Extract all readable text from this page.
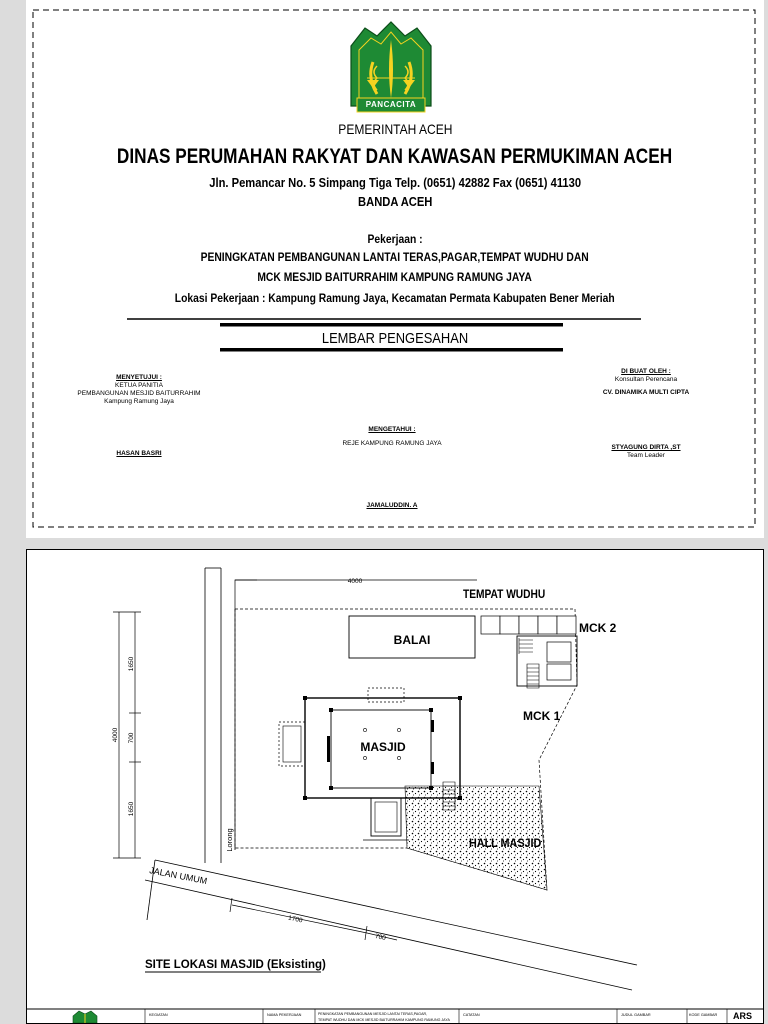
PANCACITA
PEMERINTAH ACEH
DINAS PERUMAHAN RAKYAT DAN KAWASAN PERMUKIMAN ACEH
Jln. Pemancar No. 5 Simpang Tiga Telp. (0651) 42882 Fax (0651) 41130
BANDA ACEH
Pekerjaan :
PENINGKATAN PEMBANGUNAN LANTAI TERAS,PAGAR,TEMPAT WUDHU DAN
MCK MESJID BAITURRAHIM KAMPUNG RAMUNG JAYA
Lokasi Pekerjaan : Kampung Ramung Jaya, Kecamatan Permata Kabupaten Bener Meriah
LEMBAR PENGESAHAN
MENYETUJUI :
KETUA PANITIA
PEMBANGUNAN MESJID BAITURRAHIM
Kampung Ramung Jaya
HASAN BASRI
MENGETAHUI :
REJE KAMPUNG RAMUNG JAYA
JAMALUDDIN. A
DI BUAT OLEH :
Konsultan Perencana
CV. DINAMIKA MULTI CIPTA
STYAGUNG DIRTA ,ST
Team Leader
4000
4000
1650
700
1650
1700
700
TEMPAT WUDHU
BALAI
MCK 2
MCK 1
MASJID
HALL MASJID
Lorong
JALAN UMUM
SITE LOKASI MASJID (Eksisting)
KEGIATAN	NAMA PEKERJAAN	PENINGKATAN PEMBANGUNAN MESJID LANTAI TERAS,PAGAR,
TEMPAT WUDHU DAN MCK MESJID BAITURRAHIM KAMPUNG RAMUNG JAYA
CATATAN	JUDUL GAMBAR	KODE GAMBAR ARS
